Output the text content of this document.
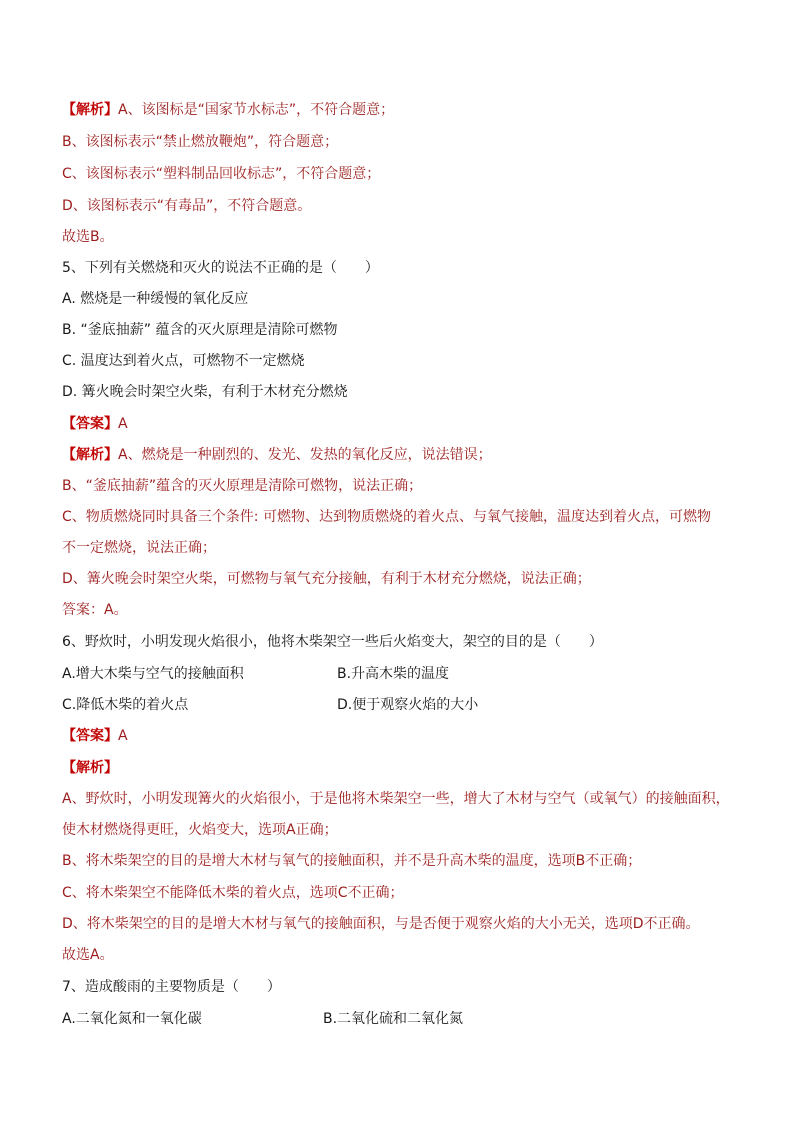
【解析】A、该图标是“国家节水标志”，不符合题意；
B、该图标表示“禁止燃放鞭炮”，符合题意；
C、该图标表示“塑料制品回收标志”，不符合题意；
D、该图标表示“有毒品”，不符合题意。
故选B。
5、下列有关燃烧和灭火的说法不正确的是（　　）
A. 燃烧是一种缓慢的氧化反应
B. “釜底抽薪” 蕴含的灭火原理是清除可燃物
C. 温度达到着火点，可燃物不一定燃烧
D. 篝火晚会时架空火柴，有利于木材充分燃烧
【答案】A
【解析】A、燃烧是一种剧烈的、发光、发热的氧化反应，说法错误；
B、“釜底抽薪”蕴含的灭火原理是清除可燃物，说法正确；
C、物质燃烧同时具备三个条件: 可燃物、达到物质燃烧的着火点、与氧气接触，温度达到着火点，可燃物
不一定燃烧，说法正确；
D、篝火晚会时架空火柴，可燃物与氧气充分接触，有利于木材充分燃烧，说法正确；
答案：A。
6、野炊时，小明发现火焰很小，他将木柴架空一些后火焰变大，架空的目的是（　　）
A.增大木柴与空气的接触面积	B.升高木柴的温度
C.降低木柴的着火点	D.便于观察火焰的大小
【答案】A
【解析】
A、野炊时，小明发现篝火的火焰很小，于是他将木柴架空一些，增大了木材与空气（或氧气）的接触面积，
使木材燃烧得更旺，火焰变大，选项A正确；
B、将木柴架空的目的是增大木材与氧气的接触面积，并不是升高木柴的温度，选项B不正确；
C、将木柴架空不能降低木柴的着火点，选项C不正确；
D、将木柴架空的目的是增大木材与氧气的接触面积，与是否便于观察火焰的大小无关，选项D不正确。
故选A。
7、造成酸雨的主要物质是（　　）
A.二氧化氮和一氧化碳	B.二氧化硫和二氧化氮
